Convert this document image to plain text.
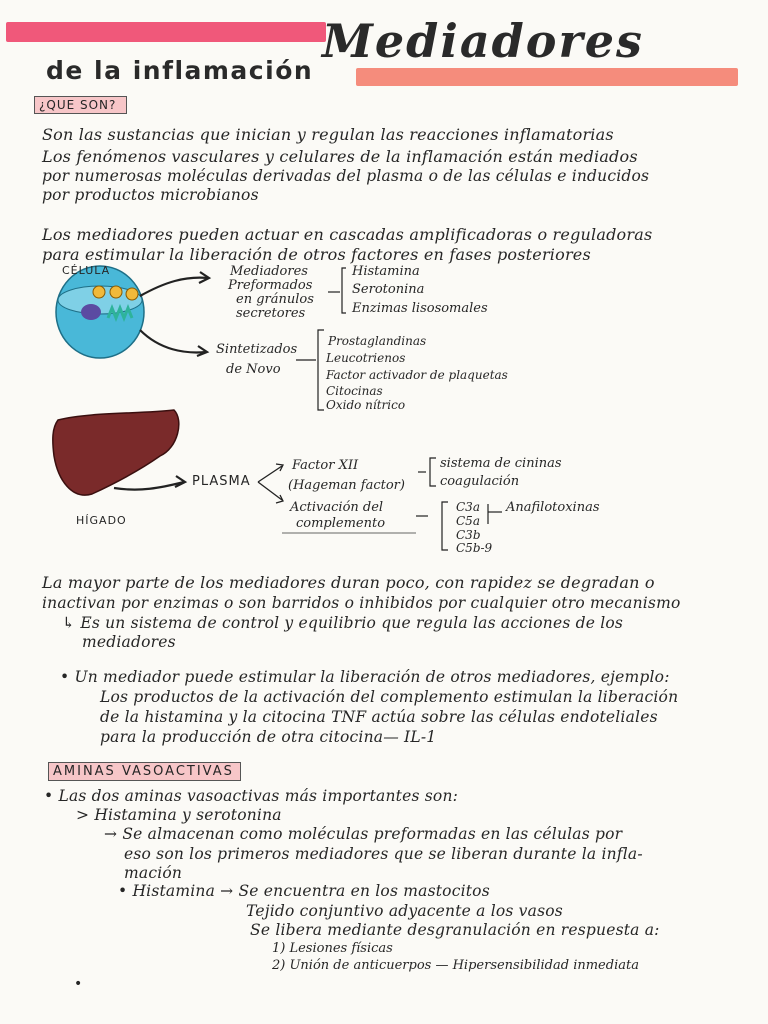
Mediadores
de la inflamación
¿QUE SON?
Son las sustancias que inician y regulan las reacciones inflamatorias
Los fenómenos vasculares y celulares de la inflamación están mediados
por numerosas moléculas derivadas del plasma o de las células e inducidos
por productos microbianos
Los mediadores pueden actuar en cascadas amplificadoras o reguladoras
para estimular la liberación de otros factores en fases posteriores
CÉLULA	Mediadores
Preformados
en gránulos
secretores
Histamina
Serotonina
Enzimas lisosomales
Sintetizados
de Novo
Prostaglandinas
Leucotrienos
Factor activador de plaquetas
Citocinas
Oxido nítrico
HÍGADO
PLASMA
Factor XII
(Hageman factor)
sistema de cininas
coagulación
Activación del
complemento
C3a
C5a
C3b
C5b-9
Anafilotoxinas
La mayor parte de los mediadores duran poco, con rapidez se degradan o
inactivan por enzimas o son barridos o inhibidos por cualquier otro mecanismo
↳ Es un sistema de control y equilibrio que regula las acciones de los
mediadores
• Un mediador puede estimular la liberación de otros mediadores, ejemplo:
Los productos de la activación del complemento estimulan la liberación
de la histamina y la citocina TNF actúa sobre las células endoteliales
para la producción de otra citocina— IL-1
AMINAS VASOACTIVAS
• Las dos aminas vasoactivas más importantes son:
> Histamina y serotonina
→ Se almacenan como moléculas preformadas en las células por
eso son los primeros mediadores que se liberan durante la infla-
mación
• Histamina → Se encuentra en los mastocitos
Tejido conjuntivo adyacente a los vasos
Se libera mediante desgranulación en respuesta a:
1) Lesiones físicas
2) Unión de anticuerpos — Hipersensibilidad inmediata
•
